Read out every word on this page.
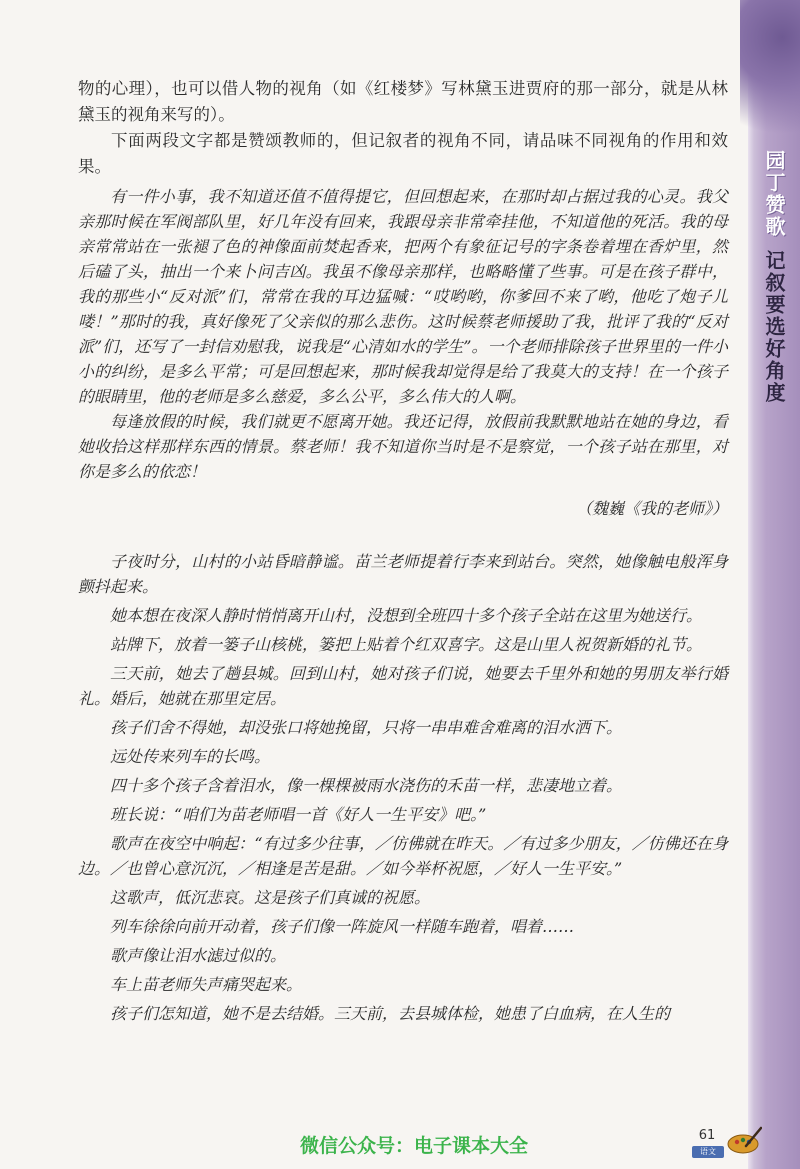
园丁赞歌
记叙要选好角度

物的心理），也可以借人物的视角（如《红楼梦》写林黛玉进贾府的那一部分，就是从林黛玉的视角来写的）。

下面两段文字都是赞颂教师的，但记叙者的视角不同，请品味不同视角的作用和效果。

有一件小事，我不知道还值不值得提它，但回想起来，在那时却占据过我的心灵。我父亲那时候在军阀部队里，好几年没有回来，我跟母亲非常牵挂他，不知道他的死活。我的母亲常常站在一张褪了色的神像面前焚起香来，把两个有象征记号的字条卷着埋在香炉里，然后磕了头，抽出一个来卜问吉凶。我虽不像母亲那样，也略略懂了些事。可是在孩子群中，我的那些小“反对派”们，常常在我的耳边猛喊：“哎哟哟，你爹回不来了哟，他吃了炮子儿喽！”那时的我，真好像死了父亲似的那么悲伤。这时候蔡老师援助了我，批评了我的“反对派”们，还写了一封信劝慰我，说我是“心清如水的学生”。一个老师排除孩子世界里的一件小小的纠纷，是多么平常；可是回想起来，那时候我却觉得是给了我莫大的支持！在一个孩子的眼睛里，他的老师是多么慈爱，多么公平，多么伟大的人啊。

每逢放假的时候，我们就更不愿离开她。我还记得，放假前我默默地站在她的身边，看她收拾这样那样东西的情景。蔡老师！我不知道你当时是不是察觉，一个孩子站在那里，对你是多么的依恋！

（魏巍《我的老师》）

子夜时分，山村的小站昏暗静谧。苗兰老师提着行李来到站台。突然，她像触电般浑身颤抖起来。

她本想在夜深人静时悄悄离开山村，没想到全班四十多个孩子全站在这里为她送行。

站牌下，放着一篓子山核桃，篓把上贴着个红双喜字。这是山里人祝贺新婚的礼节。

三天前，她去了趟县城。回到山村，她对孩子们说，她要去千里外和她的男朋友举行婚礼。婚后，她就在那里定居。

孩子们舍不得她，却没张口将她挽留，只将一串串难舍难离的泪水洒下。

远处传来列车的长鸣。

四十多个孩子含着泪水，像一棵棵被雨水浇伤的禾苗一样，悲凄地立着。

班长说：“咱们为苗老师唱一首《好人一生平安》吧。”

歌声在夜空中响起：“有过多少往事，／仿佛就在昨天。／有过多少朋友，／仿佛还在身边。／也曾心意沉沉，／相逢是苦是甜。／如今举杯祝愿，／好人一生平安。”

这歌声，低沉悲哀。这是孩子们真诚的祝愿。

列车徐徐向前开动着，孩子们像一阵旋风一样随车跑着，唱着……

歌声像让泪水滤过似的。

车上苗老师失声痛哭起来。

孩子们怎知道，她不是去结婚。三天前，去县城体检，她患了白血病，在人生的

微信公众号：电子课本大全	61
语文
